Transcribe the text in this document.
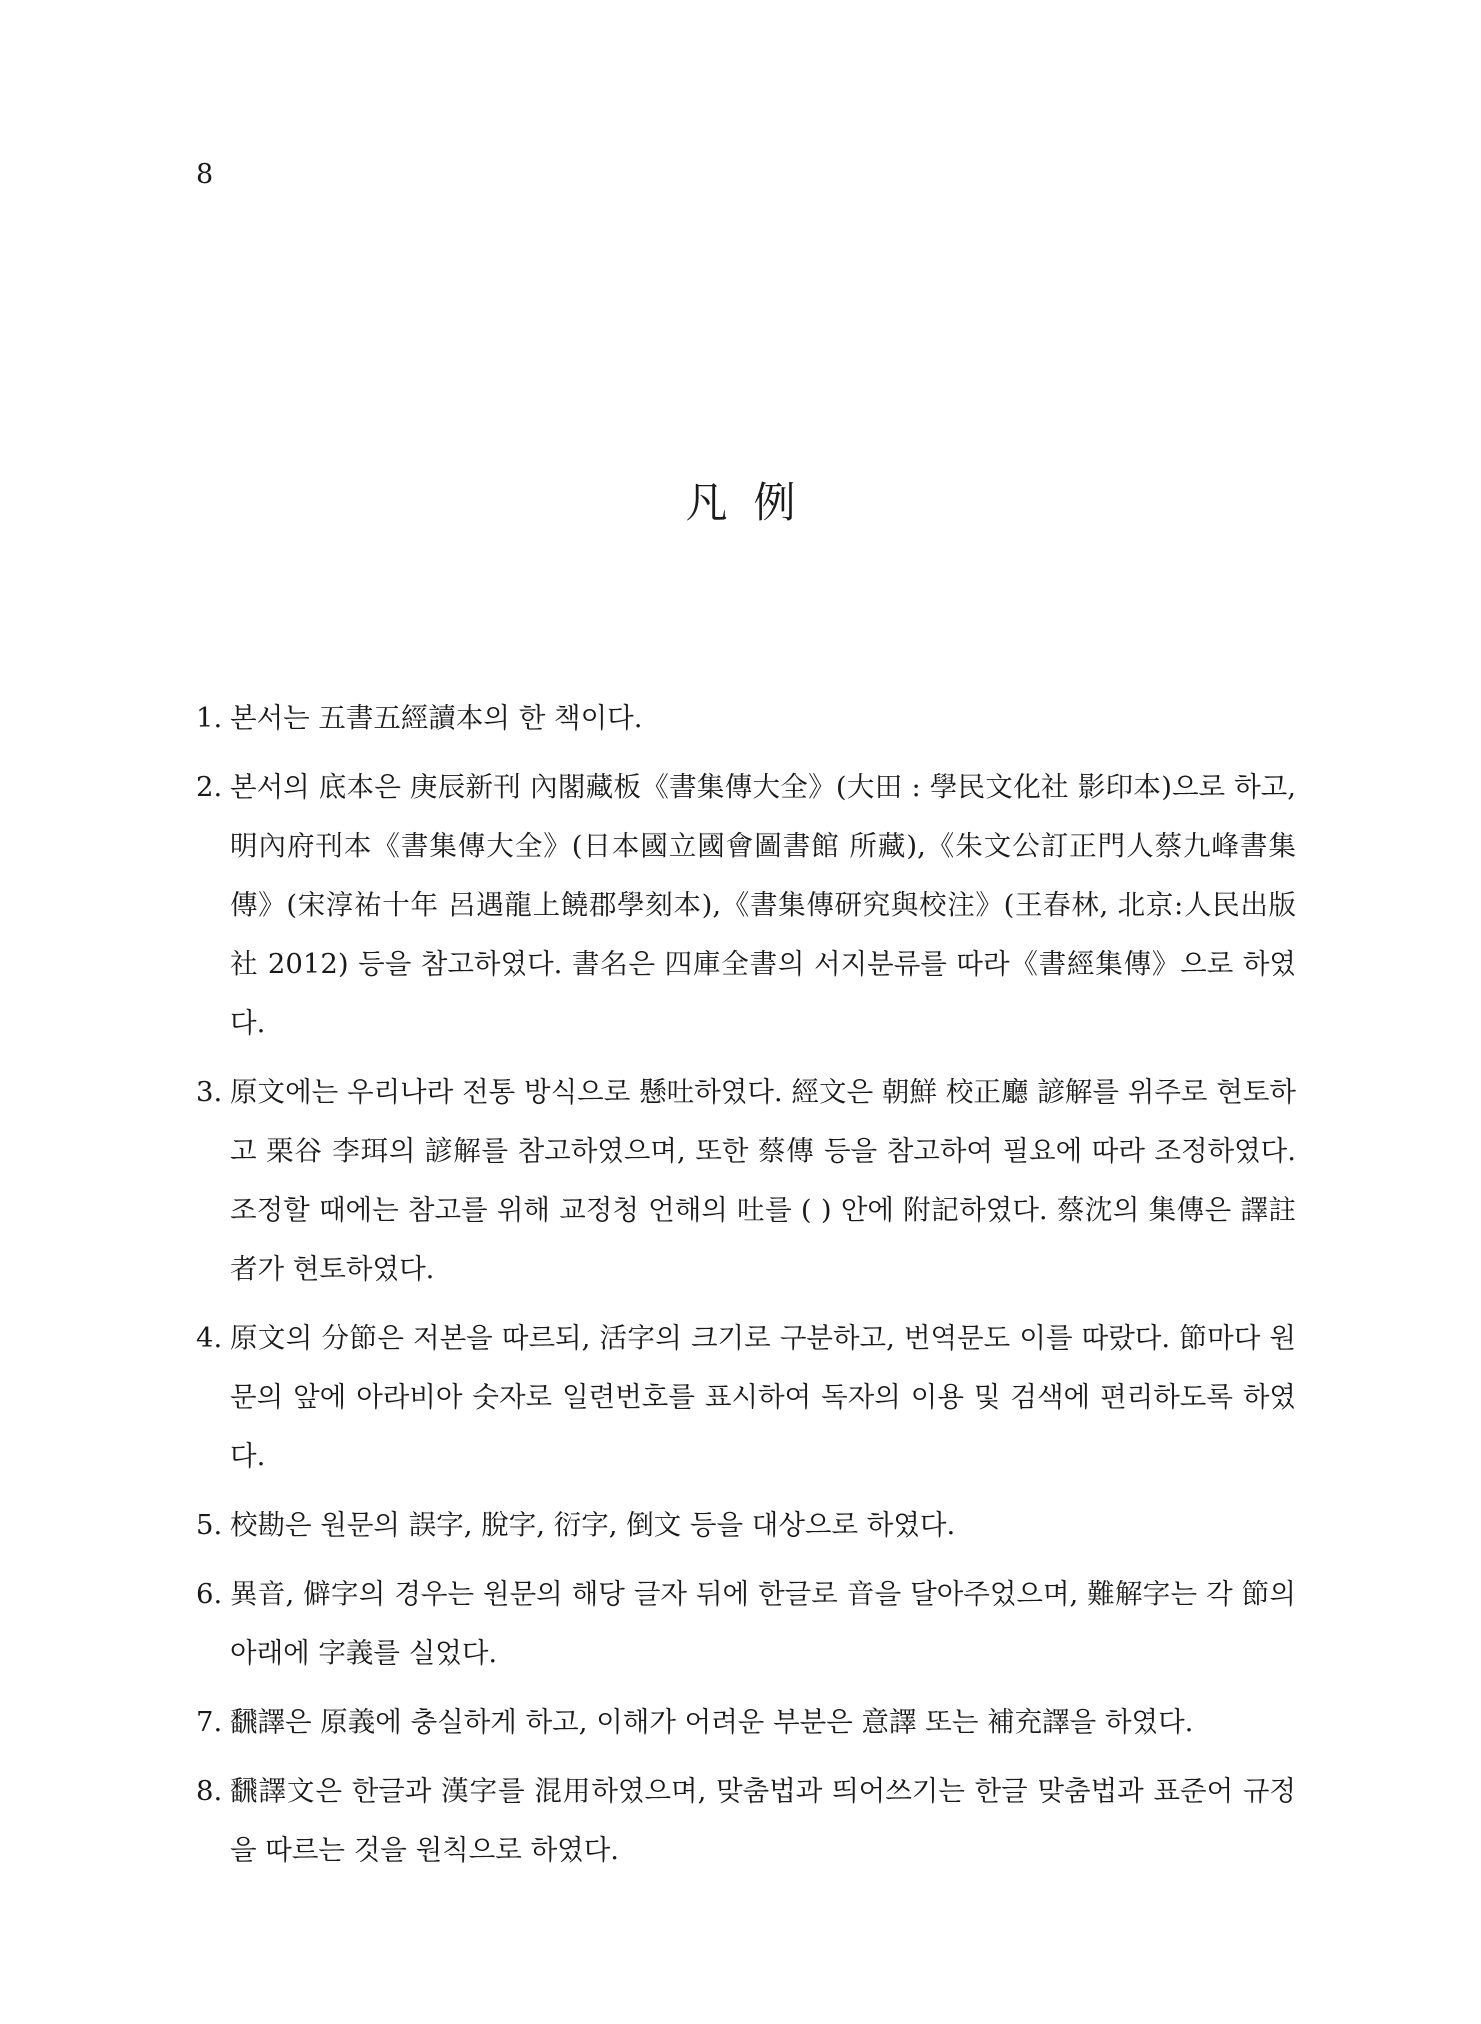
8
凡例
1. 본서는 五書五經讀本의 한 책이다.
2. 본서의 底本은 庚辰新刊 內閣藏板《書集傳大全》(大田 : 學民文化社 影印本)으로 하고, 明內府刊本《書集傳大全》(日本國立國會圖書館 所藏),《朱文公訂正門人蔡九峰書集傳》(宋淳祐十年 呂遇龍上饒郡學刻本),《書集傳研究與校注》(王春林, 北京:人民出版社 2012) 등을 참고하였다. 書名은 四庫全書의 서지분류를 따라《書經集傳》으로 하였다.
3. 原文에는 우리나라 전통 방식으로 懸吐하였다. 經文은 朝鮮 校正廳 諺解를 위주로 현토하고 栗谷 李珥의 諺解를 참고하였으며, 또한 蔡傳 등을 참고하여 필요에 따라 조정하였다. 조정할 때에는 참고를 위해 교정청 언해의 吐를 ( ) 안에 附記하였다. 蔡沈의 集傳은 譯註者가 현토하였다.
4. 原文의 分節은 저본을 따르되, 活字의 크기로 구분하고, 번역문도 이를 따랐다. 節마다 원문의 앞에 아라비아 숫자로 일련번호를 표시하여 독자의 이용 및 검색에 편리하도록 하였다.
5. 校勘은 원문의 誤字, 脫字, 衍字, 倒文 등을 대상으로 하였다.
6. 異音, 僻字의 경우는 원문의 해당 글자 뒤에 한글로 音을 달아주었으며, 難解字는 각 節의 아래에 字義를 실었다.
7. 飜譯은 原義에 충실하게 하고, 이해가 어려운 부분은 意譯 또는 補充譯을 하였다.
8. 飜譯文은 한글과 漢字를 混用하였으며, 맞춤법과 띄어쓰기는 한글 맞춤법과 표준어 규정을 따르는 것을 원칙으로 하였다.
